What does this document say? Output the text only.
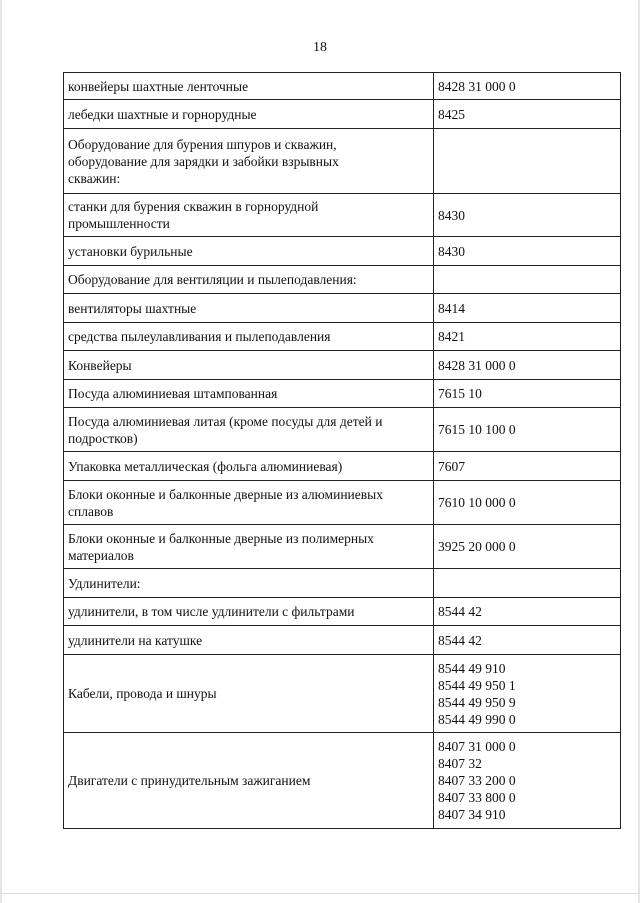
18
конвейеры шахтные ленточные	8428 31 000 0

лебедки шахтные и горнорудные	8425

Оборудование для бурения шпуров и скважин,
оборудование для зарядки и забойки взрывных
скважин:	

станки для бурения скважин в горнорудной
промышленности	8430

установки бурильные	8430

Оборудование для вентиляции и пылеподавления:	

вентиляторы шахтные	8414

средства пылеулавливания и пылеподавления	8421

Конвейеры	8428 31 000 0

Посуда алюминиевая штампованная	7615 10

Посуда алюминиевая литая (кроме посуды для детей и
подростков)	7615 10 100 0

Упаковка металлическая (фольга алюминиевая)	7607

Блоки оконные и балконные дверные из алюминиевых
сплавов	7610 10 000 0

Блоки оконные и балконные дверные из полимерных
материалов	3925 20 000 0

Удлинители:	

удлинители, в том числе удлинители с фильтрами	8544 42

удлинители на катушке	8544 42

Кабели, провода и шнуры	8544 49 910
8544 49 950 1
8544 49 950 9
8544 49 990 0

Двигатели с принудительным зажиганием	8407 31 000 0
8407 32
8407 33 200 0
8407 33 800 0
8407 34 910
